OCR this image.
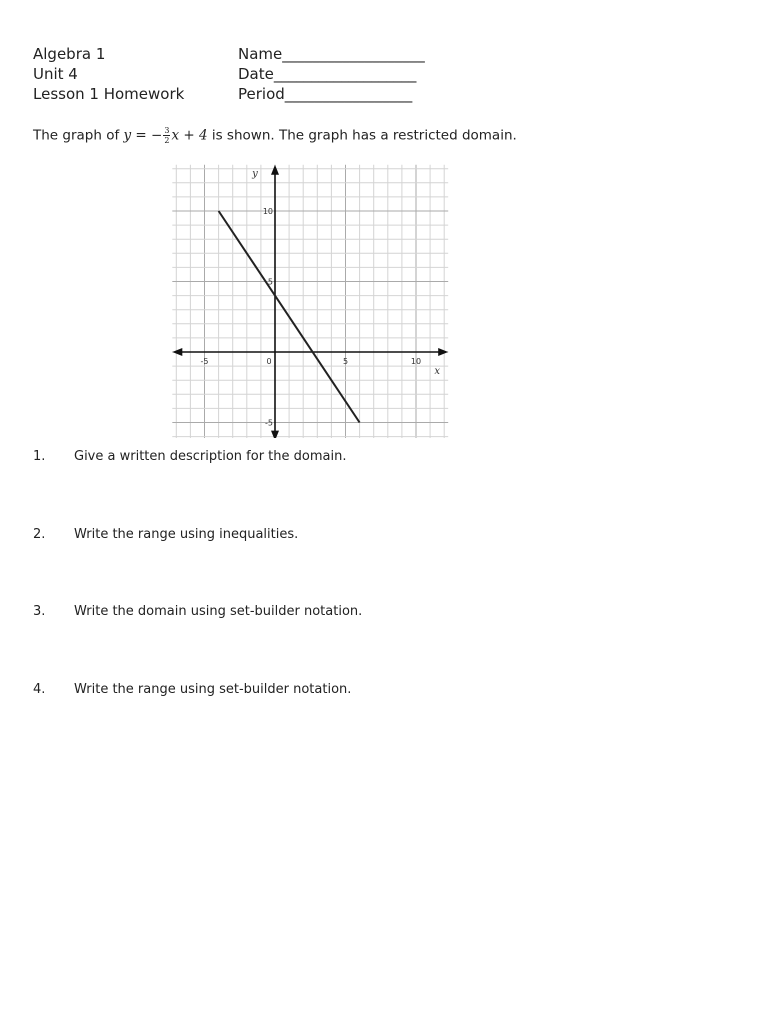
Algebra 1
Unit 4
Lesson 1 Homework
Name___________________
Date___________________
Period_________________
The graph of y = − $\frac{3}{2}$ x + 4 is shown. The graph has a restricted domain.
-5	0	5	10
10
5
-5
x
y
1. Give a written description for the domain.
2. Write the range using inequalities.
3. Write the domain using set-builder notation.
4. Write the range using set-builder notation.
